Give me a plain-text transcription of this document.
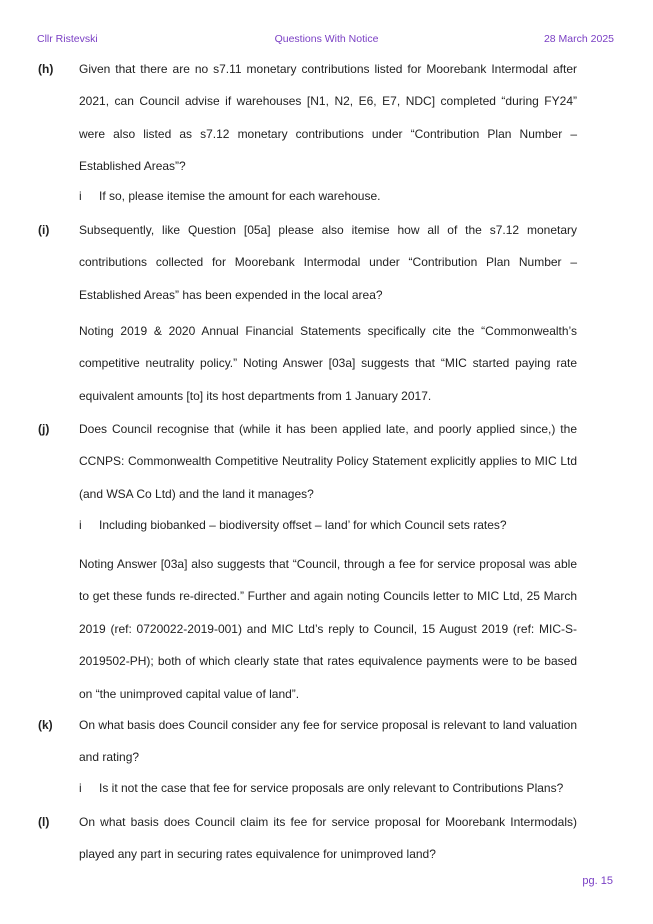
Cllr Ristevski	Questions With Notice	28 March 2025
(h) Given that there are no s7.11 monetary contributions listed for Moorebank Intermodal after 2021, can Council advise if warehouses [N1, N2, E6, E7, NDC] completed “during FY24” were also listed as s7.12 monetary contributions under “Contribution Plan Number – Established Areas”?
i If so, please itemise the amount for each warehouse.
(i) Subsequently, like Question [05a] please also itemise how all of the s7.12 monetary contributions collected for Moorebank Intermodal under “Contribution Plan Number – Established Areas” has been expended in the local area?
Noting 2019 & 2020 Annual Financial Statements specifically cite the “Commonwealth’s competitive neutrality policy.” Noting Answer [03a] suggests that “MIC started paying rate equivalent amounts [to] its host departments from 1 January 2017.
(j) Does Council recognise that (while it has been applied late, and poorly applied since,) the CCNPS: Commonwealth Competitive Neutrality Policy Statement explicitly applies to MIC Ltd (and WSA Co Ltd) and the land it manages?
i Including biobanked – biodiversity offset – land’ for which Council sets rates?
Noting Answer [03a] also suggests that “Council, through a fee for service proposal was able to get these funds re-directed.” Further and again noting Councils letter to MIC Ltd, 25 March 2019 (ref: 0720022-2019-001) and MIC Ltd’s reply to Council, 15 August 2019 (ref: MIC-S-2019502-PH); both of which clearly state that rates equivalence payments were to be based on “the unimproved capital value of land”.
(k) On what basis does Council consider any fee for service proposal is relevant to land valuation and rating?
i Is it not the case that fee for service proposals are only relevant to Contributions Plans?
(l) On what basis does Council claim its fee for service proposal for Moorebank Intermodals) played any part in securing rates equivalence for unimproved land?
pg. 15
